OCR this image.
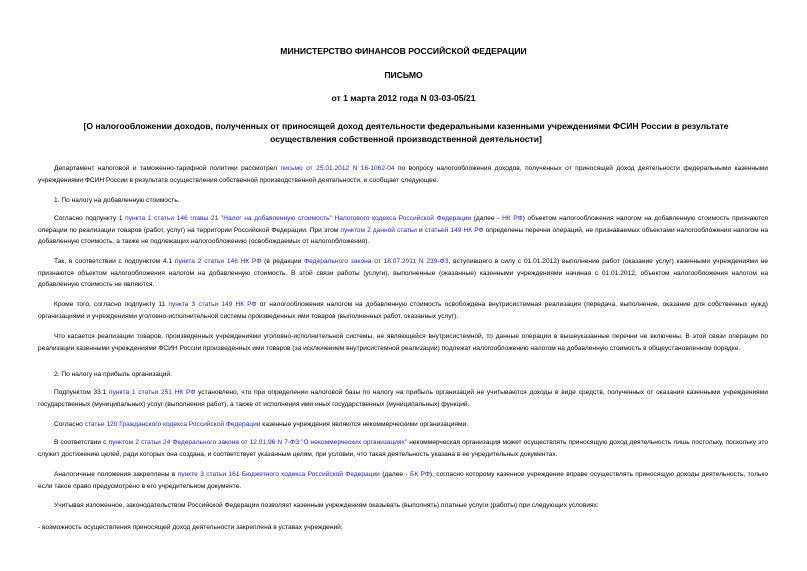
МИНИСТЕРСТВО ФИНАНСОВ РОССИЙСКОЙ ФЕДЕРАЦИИ
ПИСЬМО
от 1 марта 2012 года N 03-03-05/21
[О налогообложении доходов, полученных от приносящей доход деятельности федеральными казенными учреждениями ФСИН России в результате осуществления собственной производственной деятельности]
Департамент налоговой и таможенно-тарифной политики рассмотрел письмо от 25.01.2012 N 16-1062-04 по вопросу налогообложения доходов, полученных от приносящей доход деятельности федеральными казенными учреждениями ФСИН России в результате осуществления собственной производственной деятельности, и сообщает следующее.
1. По налогу на добавленную стоимость.
Согласно подпункту 1 пункта 1 статьи 146 главы 21 "Налог на добавленную стоимость" Налогового кодекса Российской Федерации (далее - НК РФ) объектом налогообложения налогом на добавленную стоимость признаются операции по реализации товаров (работ, услуг) на территории Российской Федерации. При этом пунктом 2 данной статьи и статьей 149 НК РФ определены перечни операций, не признаваемых объектами налогообложения налогом на добавленную стоимость, а также не подлежащих налогообложению (освобождаемых от налогообложения).
Так, в соответствии с подпунктом 4.1 пункта 2 статьи 146 НК РФ (в редакции Федерального закона от 18.07.2011 N 239-ФЗ, вступившего в силу с 01.01.2012) выполнение работ (оказание услуг) казенными учреждениями не признаются объектом налогообложения налогом на добавленную стоимость. В этой связи работы (услуги), выполненные (оказанные) казенными учреждениями начиная с 01.01.2012, объектом налогообложения налогом на добавленную стоимость не являются.
Кроме того, согласно подпункту 11 пункта 3 статьи 149 НК РФ от налогообложения налогом на добавленную стоимость освобождена внутрисистемная реализация (передача, выполнение, оказание для собственных нужд) организациями и учреждениями уголовно-исполнительной системы произведенных ими товаров (выполненных работ, оказанных услуг).
Что касается реализации товаров, произведенных учреждениями уголовно-исполнительной системы, не являющейся внутрисистемной, то данные операции в вышеуказанные перечни не включены. В этой связи операции по реализации казенными учреждениями ФСИН России произведенных ими товаров (за исключением внутрисистемной реализации) подлежат налогообложению налогом на добавленную стоимость в общеустановленном порядке.
2. По налогу на прибыль организаций.
Подпунктом 33.1 пункта 1 статьи 251 НК РФ установлено, что при определении налоговой базы по налогу на прибыль организаций не учитываются доходы в виде средств, полученных от оказания казенными учреждениями государственных (муниципальных) услуг (выполнения работ), а также от исполнения ими иных государственных (муниципальных) функций.
Согласно статье 120 Гражданского кодекса Российской Федерации казенные учреждения являются некоммерческими организациями.
В соответствии с пунктом 2 статьи 24 Федерального закона от 12.01.96 N 7-ФЗ "О некоммерческих организациях" некоммерческая организация может осуществлять приносящую доход деятельность лишь постольку, поскольку это служит достижению целей, ради которых она создана, и соответствует указанным целям, при условии, что такая деятельность указана в ее учредительных документах.
Аналогичные положения закреплены в пункте 3 статьи 161 Бюджетного кодекса Российской Федерации (далее - БК РФ), согласно которому казенное учреждение вправе осуществлять приносящую доходы деятельность, только если такое право предусмотрено в его учредительном документе.
Учитывая изложенное, законодательством Российской Федерации позволяет казенным учреждениям оказывать (выполнять) платные услуги (работы) при следующих условиях:
- возможность осуществления приносящей доход деятельности закреплена в уставах учреждений;
